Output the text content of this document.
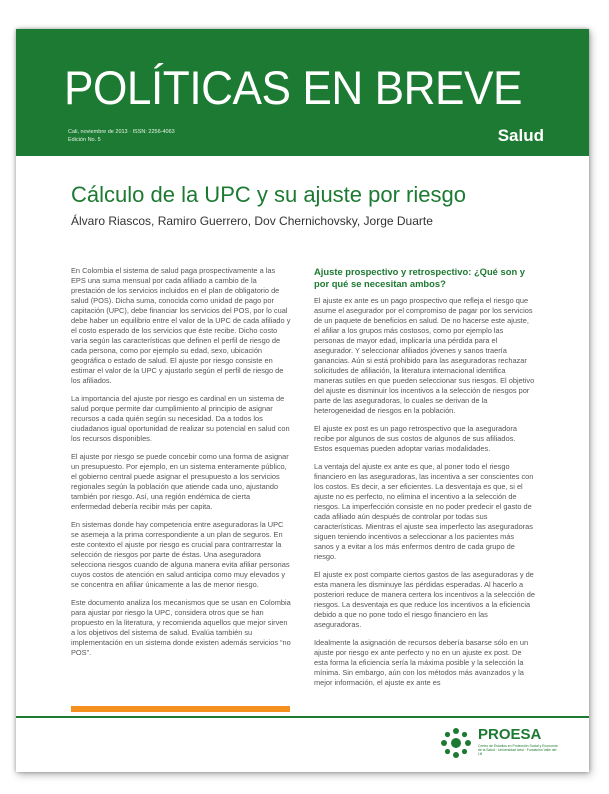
POLÍTICAS EN BREVE
Cali, noviembre de 2013 · ISSN: 2256-4063
Edición No. 5	Salud
Cálculo de la UPC y su ajuste por riesgo
Álvaro Riascos, Ramiro Guerrero, Dov Chernichovsky, Jorge Duarte

En Colombia el sistema de salud paga prospectivamente a las EPS una suma mensual por cada afiliado a cambio de la prestación de los servicios incluidos en el plan de obligatorio de salud (POS). Dicha suma, conocida como unidad de pago por capitación (UPC), debe financiar los servicios del POS, por lo cual debe haber un equilibrio entre el valor de la UPC de cada afiliado y el costo esperado de los servicios que éste recibe. Dicho costo varía según las características que definen el perfil de riesgo de cada persona, como por ejemplo su edad, sexo, ubicación geográfica o estado de salud. El ajuste por riesgo consiste en estimar el valor de la UPC y ajustarlo según el perfil de riesgo de los afiliados.

La importancia del ajuste por riesgo es cardinal en un sistema de salud porque permite dar cumplimiento al principio de asignar recursos a cada quién según su necesidad. Da a todos los ciudadanos igual oportunidad de realizar su potencial en salud con los recursos disponibles.

El ajuste por riesgo se puede concebir como una forma de asignar un presupuesto. Por ejemplo, en un sistema enteramente público, el gobierno central puede asignar el presupuesto a los servicios regionales según la población que atiende cada uno, ajustando también por riesgo. Así, una región endémica de cierta enfermedad debería recibir más per capita.

En sistemas donde hay competencia entre aseguradoras la UPC se asemeja a la prima correspondiente a un plan de seguros. En este contexto el ajuste por riesgo es crucial para contrarrestar la selección de riesgos por parte de éstas. Una aseguradora selecciona riesgos cuando de alguna manera evita afiliar personas cuyos costos de atención en salud anticipa como muy elevados y se concentra en afiliar únicamente a las de menor riesgo.

Este documento analiza los mecanismos que se usan en Colombia para ajustar por riesgo la UPC, considera otros que se han propuesto en la literatura, y recomienda aquellos que mejor sirven a los objetivos del sistema de salud. Evalúa también su implementación en un sistema donde existen además servicios “no POS”.

Ajuste prospectivo y retrospectivo: ¿Qué son y por qué se necesitan ambos?

El ajuste ex ante es un pago prospectivo que refleja el riesgo que asume el asegurador por el compromiso de pagar por los servicios de un paquete de beneficios en salud. De no hacerse este ajuste, el afiliar a los grupos más costosos, como por ejemplo las personas de mayor edad, implicaría una pérdida para el asegurador. Y seleccionar afiliados jóvenes y sanos traería ganancias. Aún si está prohibido para las aseguradoras rechazar solicitudes de afiliación, la literatura internacional identifica maneras sutiles en que pueden seleccionar sus riesgos. El objetivo del ajuste es disminuir los incentivos a la selección de riesgos por parte de las aseguradoras, lo cuales se derivan de la heterogeneidad de riesgos en la población.

El ajuste ex post es un pago retrospectivo que la aseguradora recibe por algunos de sus costos de algunos de sus afiliados. Estos esquemas pueden adoptar varias modalidades.

La ventaja del ajuste ex ante es que, al poner todo el riesgo financiero en las aseguradoras, las incentiva a ser conscientes con los costos. Es decir, a ser eficientes. La desventaja es que, si el ajuste no es perfecto, no elimina el incentivo a la selección de riesgos. La imperfección consiste en no poder predecir el gasto de cada afiliado aún después de controlar por todas sus características. Mientras el ajuste sea imperfecto las aseguradoras siguen teniendo incentivos a seleccionar a los pacientes más sanos y a evitar a los más enfermos dentro de cada grupo de riesgo.

El ajuste ex post comparte ciertos gastos de las aseguradoras y de esta manera les disminuye las pérdidas esperadas. Al hacerlo a posteriori reduce de manera certera los incentivos a la selección de riesgos. La desventaja es que reduce los incentivos a la eficiencia debido a que no pone todo el riesgo financiero en las aseguradoras.

Idealmente la asignación de recursos debería basarse sólo en un ajuste por riesgo ex ante perfecto y no en un ajuste ex post. De esta forma la eficiencia sería la máxima posible y la selección la mínima. Sin embargo, aún con los métodos más avanzados y la mejor información, el ajuste ex ante es

PROESA
Centro de Estudios en Protección Social y Economía de la Salud · Universidad Icesi · Fundación Valle del Lili
